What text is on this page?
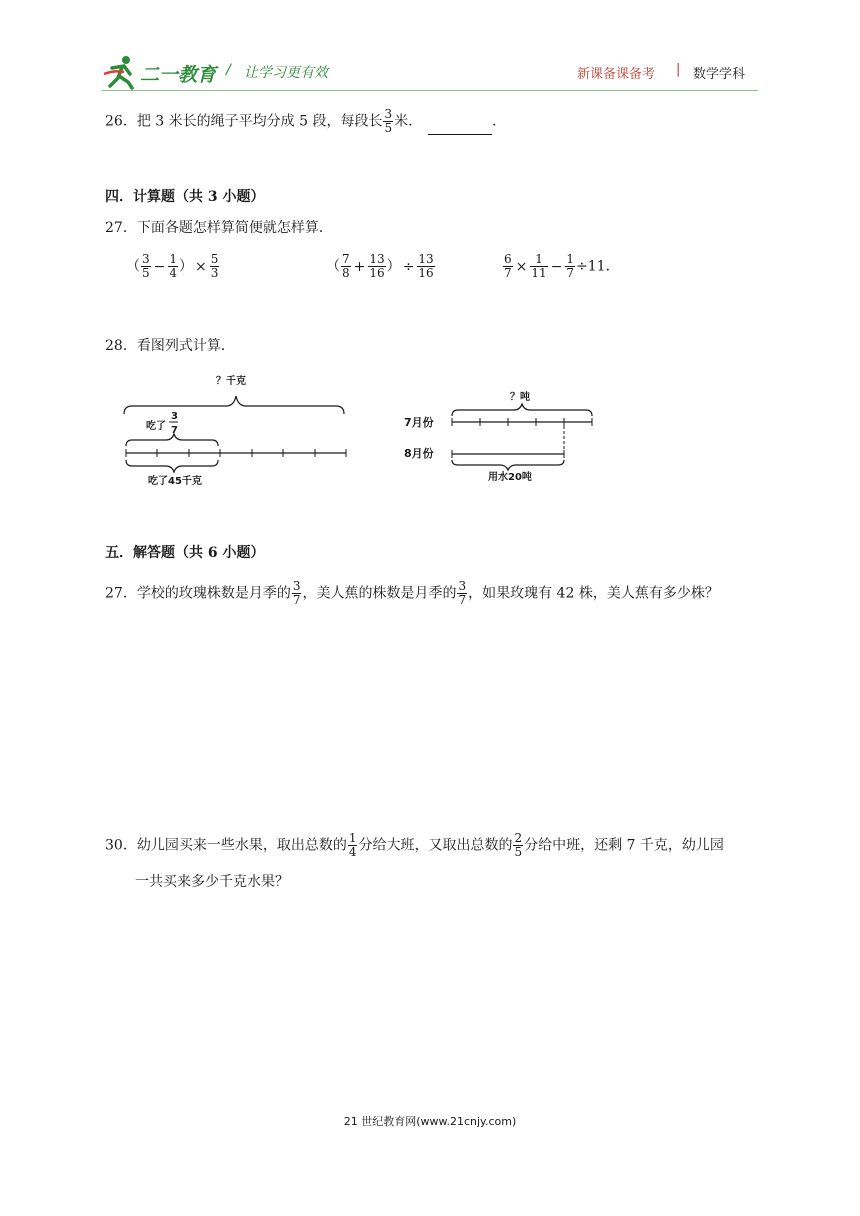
二一教育 / 让学习更有效	新课备课备考 | 数学学科
26．把 3 米长的绳子平均分成 5 段，每段长 $\frac{3}{5}$ 米．	．
四．计算题（共 3 小题）
27．下面各题怎样算简便就怎样算．
（ $\frac{3}{5} - \frac{1}{4}$ ） × $\frac{5}{3}$	（ $\frac{7}{8} + \frac{13}{16}$ ） ÷ $\frac{13}{16}$	$\frac{6}{7} \times \frac{1}{11} - \frac{1}{7} \div 11$．
28．看图列式计算．
？千克
吃了
3
7
吃了45千克
？吨
7月份
8月份
用水20吨
五．解答题（共 6 小题）
27．学校的玫瑰株数是月季的 $\frac{3}{7}$ ，美人蕉的株数是月季的 $\frac{3}{7}$ ，如果玫瑰有 42 株，美人蕉有多少株？
30．幼儿园买来一些水果，取出总数的 $\frac{1}{4}$ 分给大班，又取出总数的 $\frac{2}{5}$ 分给中班，还剩 7 千克，幼儿园
一共买来多少千克水果？
21 世纪教育网(www.21cnjy.com)
